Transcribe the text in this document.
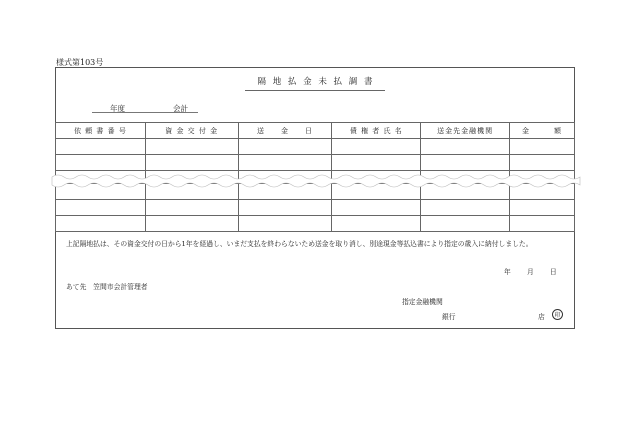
様式第103号
隔 地 払 金 未 払 調 書
年度	会計
依 頼 書 番 号	資 金 交 付 金	送　　金　　日	債 権 者 氏 名	送金先金融機関	金　　　額

上記隔地払は、その資金交付の日から1年を経過し、いまだ支払を終わらないため送金を取り消し、別途現金等払込書により指定の歳入に納付しました。
年 月 日
あて先　笠間市会計管理者
指定金融機関
銀行	店	印
